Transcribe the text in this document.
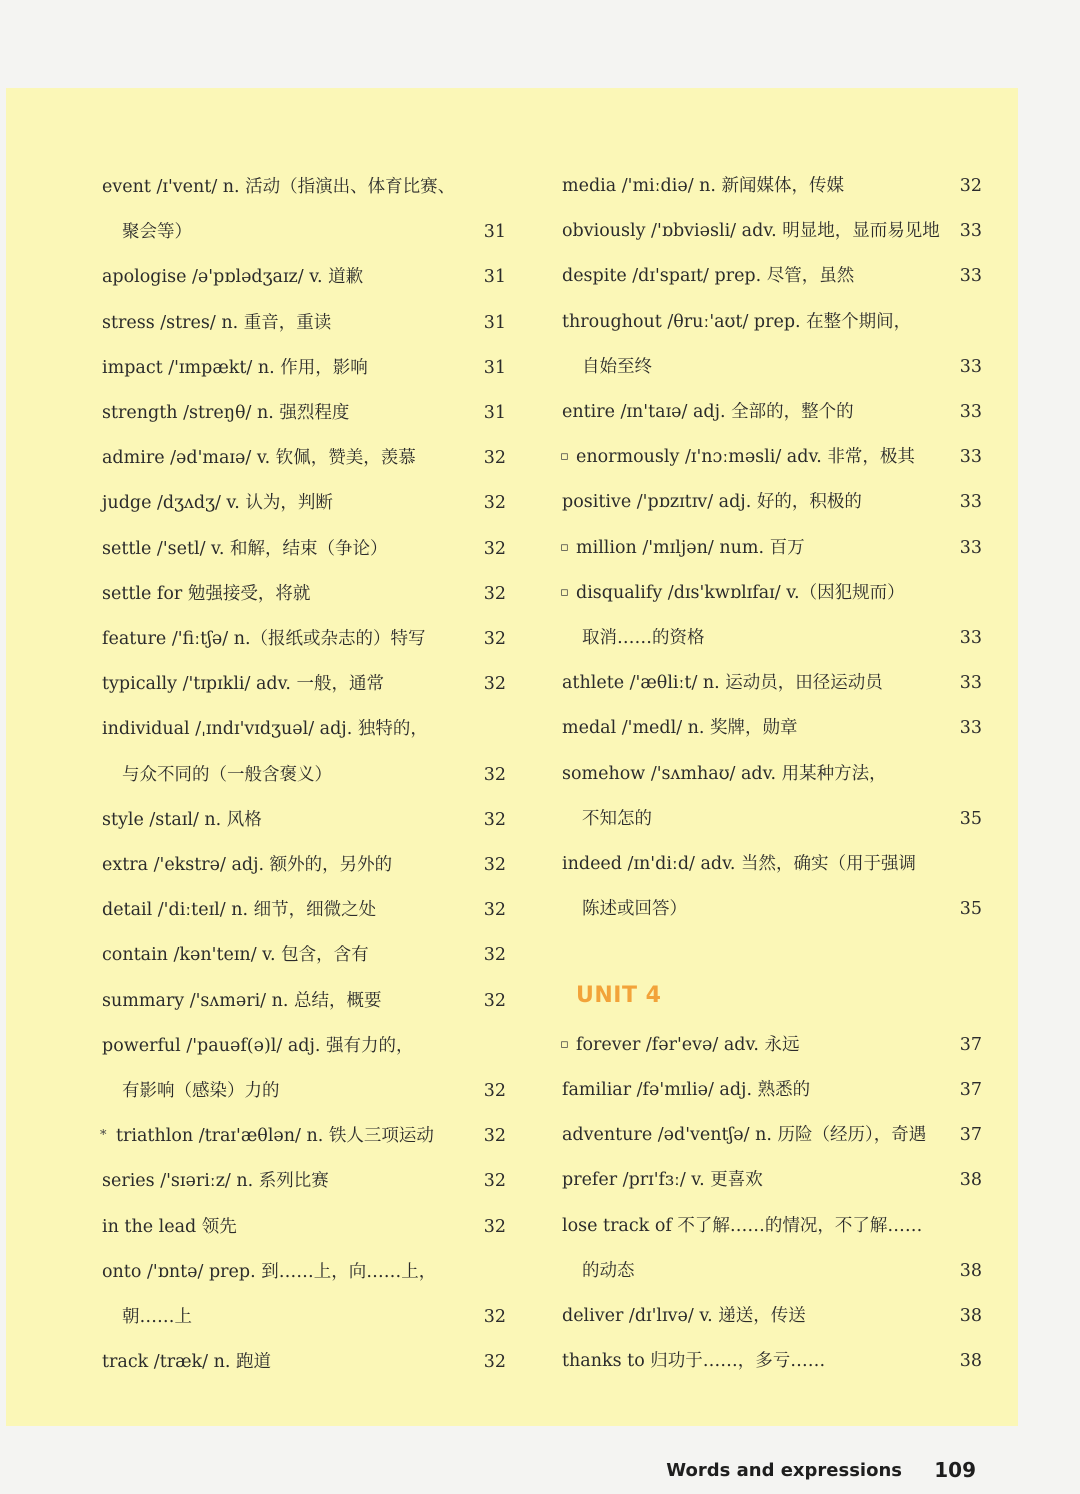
event /ɪ'vent/ n. 活动（指演出、体育比赛、
聚会等）	31
apologise /ə'pɒlədʒaɪz/ v. 道歉	31
stress /stres/ n. 重音，重读	31
impact /'ɪmpækt/ n. 作用，影响	31
strength /streŋθ/ n. 强烈程度	31
admire /əd'maɪə/ v. 钦佩，赞美，羡慕	32
judge /dʒʌdʒ/ v. 认为，判断	32
settle /'setl/ v. 和解，结束（争论）	32
settle for 勉强接受，将就	32
feature /'fiːtʃə/ n.（报纸或杂志的）特写	32
typically /'tɪpɪkli/ adv. 一般，通常	32
individual /ˌɪndɪ'vɪdʒuəl/ adj. 独特的，
与众不同的（一般含褒义）	32
style /staɪl/ n. 风格	32
extra /'ekstrə/ adj. 额外的，另外的	32
detail /'diːteɪl/ n. 细节，细微之处	32
contain /kən'teɪn/ v. 包含，含有	32
summary /'sʌməri/ n. 总结，概要	32
powerful /'pauəf(ə)l/ adj. 强有力的，
有影响（感染）力的	32
* triathlon /traɪ'æθlən/ n. 铁人三项运动	32
series /'sɪəriːz/ n. 系列比赛	32
in the lead 领先	32
onto /'ɒntə/ prep. 到……上，向……上，
朝……上	32
track /træk/ n. 跑道	32
media /'miːdiə/ n. 新闻媒体，传媒	32
obviously /'ɒbviəsli/ adv. 明显地，显而易见地 33
despite /dɪ'spaɪt/ prep. 尽管，虽然	33
throughout /θruː'aʊt/ prep. 在整个期间，
自始至终	33
entire /ɪn'taɪə/ adj. 全部的，整个的	33
▫ enormously /ɪ'nɔːməsli/ adv. 非常，极其	33
positive /'pɒzɪtɪv/ adj. 好的，积极的	33
▫ million /'mɪljən/ num. 百万	33
▫ disqualify /dɪs'kwɒlɪfaɪ/ v.（因犯规而）
取消……的资格	33
athlete /'æθliːt/ n. 运动员，田径运动员	33
medal /'medl/ n. 奖牌，勋章	33
somehow /'sʌmhaʊ/ adv. 用某种方法，
不知怎的	35
indeed /ɪn'diːd/ adv. 当然，确实（用于强调
陈述或回答）	35
UNIT 4
▫ forever /fər'evə/ adv. 永远	37
familiar /fə'mɪliə/ adj. 熟悉的	37
adventure /əd'ventʃə/ n. 历险（经历），奇遇 37
prefer /prɪ'fɜː/ v. 更喜欢	38
lose track of 不了解……的情况，不了解……
的动态	38
deliver /dɪ'lɪvə/ v. 递送，传送	38
thanks to 归功于……，多亏……	38
Words and expressions 109
